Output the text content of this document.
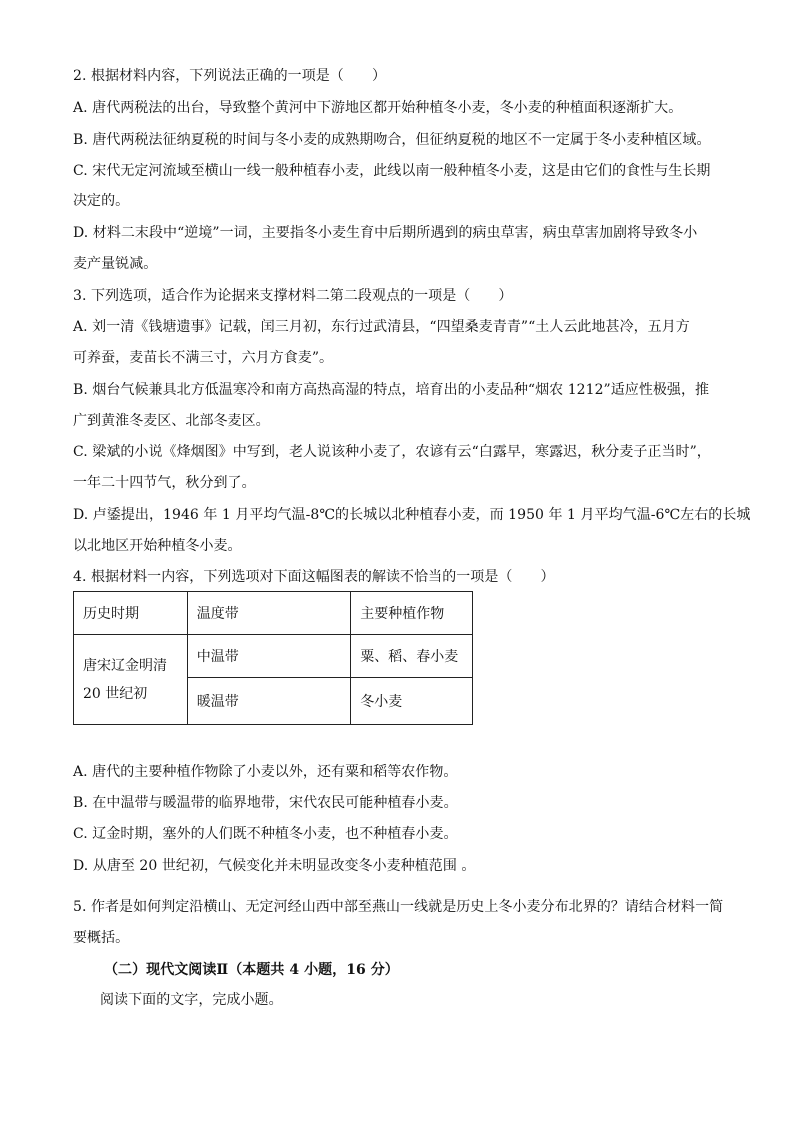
2. 根据材料内容，下列说法正确的一项是（　　）
A. 唐代两税法的出台，导致整个黄河中下游地区都开始种植冬小麦，冬小麦的种植面积逐渐扩大。
B. 唐代两税法征纳夏税的时间与冬小麦的成熟期吻合，但征纳夏税的地区不一定属于冬小麦种植区域。
C. 宋代无定河流域至横山一线一般种植春小麦，此线以南一般种植冬小麦，这是由它们的食性与生长期
决定的。
D. 材料二末段中“逆境”一词，主要指冬小麦生育中后期所遇到的病虫草害，病虫草害加剧将导致冬小
麦产量锐减。
3. 下列选项，适合作为论据来支撑材料二第二段观点的一项是（　　）
A. 刘一清《钱塘遗事》记载，闰三月初，东行过武清县，“四望桑麦青青”“土人云此地甚冷，五月方
可养蚕，麦苗长不满三寸，六月方食麦”。
B. 烟台气候兼具北方低温寒冷和南方高热高湿的特点，培育出的小麦品种“烟农 1212”适应性极强，推
广到黄淮冬麦区、北部冬麦区。
C. 梁斌的小说《烽烟图》中写到，老人说该种小麦了，农谚有云“白露早，寒露迟，秋分麦子正当时”，
一年二十四节气，秋分到了。
D. 卢鋈提出，1946 年 1 月平均气温-8℃的长城以北种植春小麦，而 1950 年 1 月平均气温-6℃左右的长城
以北地区开始种植冬小麦。
4. 根据材料一内容，下列选项对下面这幅图表的解读不恰当的一项是（　　）
历史时期	温度带	主要种植作物

唐宋辽金明清
20 世纪初	中温带	粟、稻、春小麦
	暖温带	冬小麦
A. 唐代的主要种植作物除了小麦以外，还有粟和稻等农作物。
B. 在中温带与暖温带的临界地带，宋代农民可能种植春小麦。
C. 辽金时期，塞外的人们既不种植冬小麦，也不种植春小麦。
D. 从唐至 20 世纪初，气候变化并未明显改变冬小麦种植范围 。
5. 作者是如何判定沿横山、无定河经山西中部至燕山一线就是历史上冬小麦分布北界的？请结合材料一简
要概括。
（二）现代文阅读Ⅱ（本题共 4 小题，16 分）
阅读下面的文字，完成小题。
